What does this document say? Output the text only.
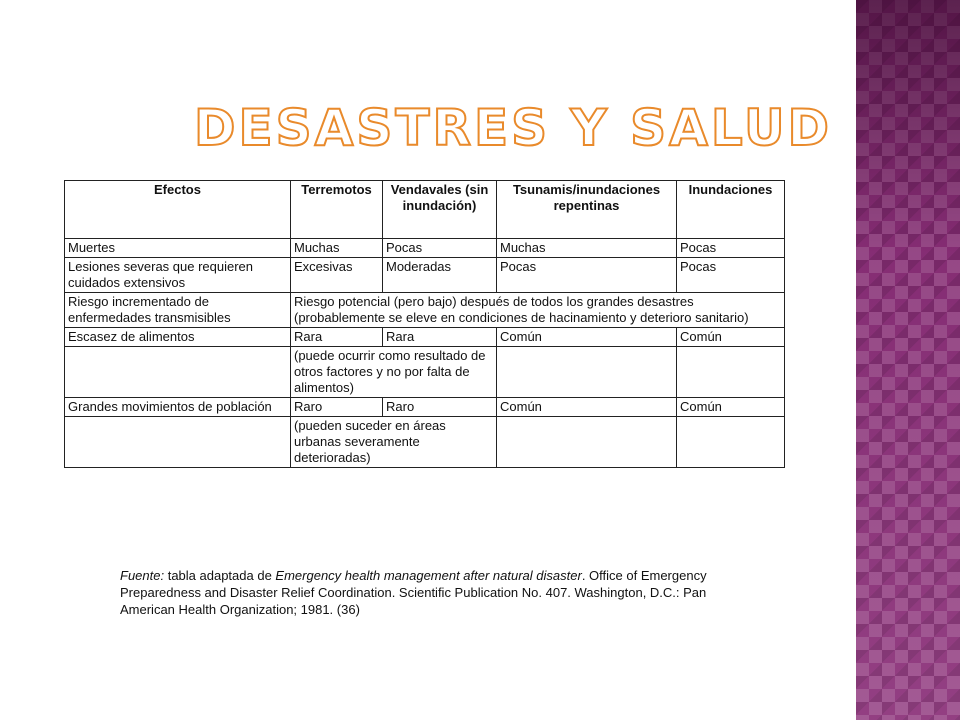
DESASTRES Y SALUD
Efectos	Terremotos	Vendavales (sin inundación)	Tsunamis/inundaciones repentinas	Inundaciones
Muertes	Muchas	Pocas	Muchas	Pocas
Lesiones severas que requieren cuidados extensivos	Excesivas	Moderadas	Pocas	Pocas
Riesgo incrementado de enfermedades transmisibles	Riesgo potencial (pero bajo) después de todos los grandes desastres (probablemente se eleve en condiciones de hacinamiento y deterioro sanitario)			
Escasez de alimentos	Rara	Rara	Común	Común
	(puede ocurrir como resultado de otros factores y no por falta de alimentos)			
Grandes movimientos de población	Raro	Raro	Común	Común
	(pueden suceder en áreas urbanas severamente deterioradas)			
Fuente: tabla adaptada de Emergency health management after natural disaster. Office of Emergency Preparedness and Disaster Relief Coordination. Scientific Publication No. 407. Washington, D.C.: Pan American Health Organization; 1981. (36)
